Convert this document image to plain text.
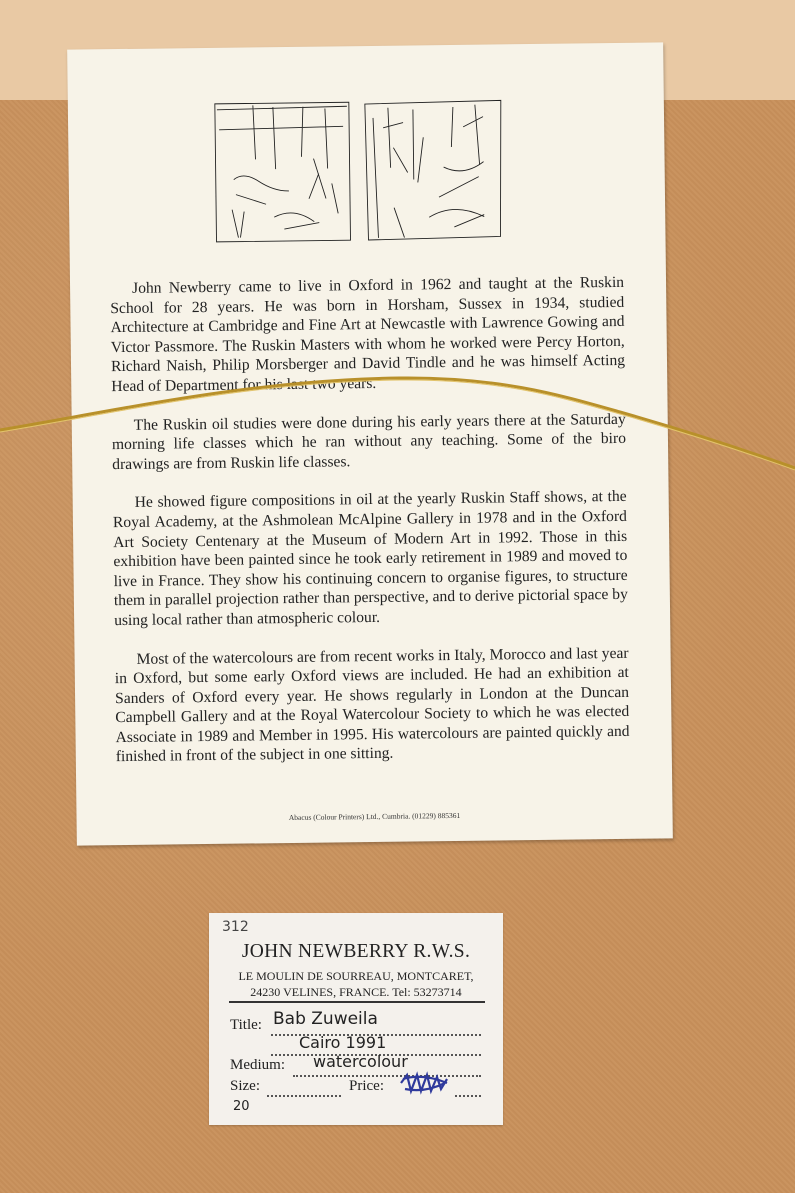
John Newberry came to live in Oxford in 1962 and taught at the Ruskin School for 28 years. He was born in Horsham, Sussex in 1934, studied Architecture at Cambridge and Fine Art at Newcastle with Lawrence Gowing and Victor Passmore. The Ruskin Masters with whom he worked were Percy Horton, Richard Naish, Philip Morsberger and David Tindle and he was himself Acting Head of Department for his last two years.

The Ruskin oil studies were done during his early years there at the Saturday morning life classes which he ran without any teaching. Some of the biro drawings are from Ruskin life classes.

He showed figure compositions in oil at the yearly Ruskin Staff shows, at the Royal Academy, at the Ashmolean McAlpine Gallery in 1978 and in the Oxford Art Society Centenary at the Museum of Modern Art in 1992. Those in this exhibition have been painted since he took early retirement in 1989 and moved to live in France. They show his continuing concern to organise figures, to structure them in parallel projection rather than perspective, and to derive pictorial space by using local rather than atmospheric colour.

Most of the watercolours are from recent works in Italy, Morocco and last year in Oxford, but some early Oxford views are included. He had an exhibition at Sanders of Oxford every year. He shows regularly in London at the Duncan Campbell Gallery and at the Royal Watercolour Society to which he was elected Associate in 1989 and Member in 1995. His watercolours are painted quickly and finished in front of the subject in one sitting.

Abacus (Colour Printers) Ltd., Cumbria. (01229) 885361
312
JOHN NEWBERRY R.W.S.
LE MOULIN DE SOURREAU, MONTCARET,
24230 VELINES, FRANCE. Tel: 53273714
Title: Bab Zuweila
Cairo 1991
Medium: watercolour
Size:	Price:
20
